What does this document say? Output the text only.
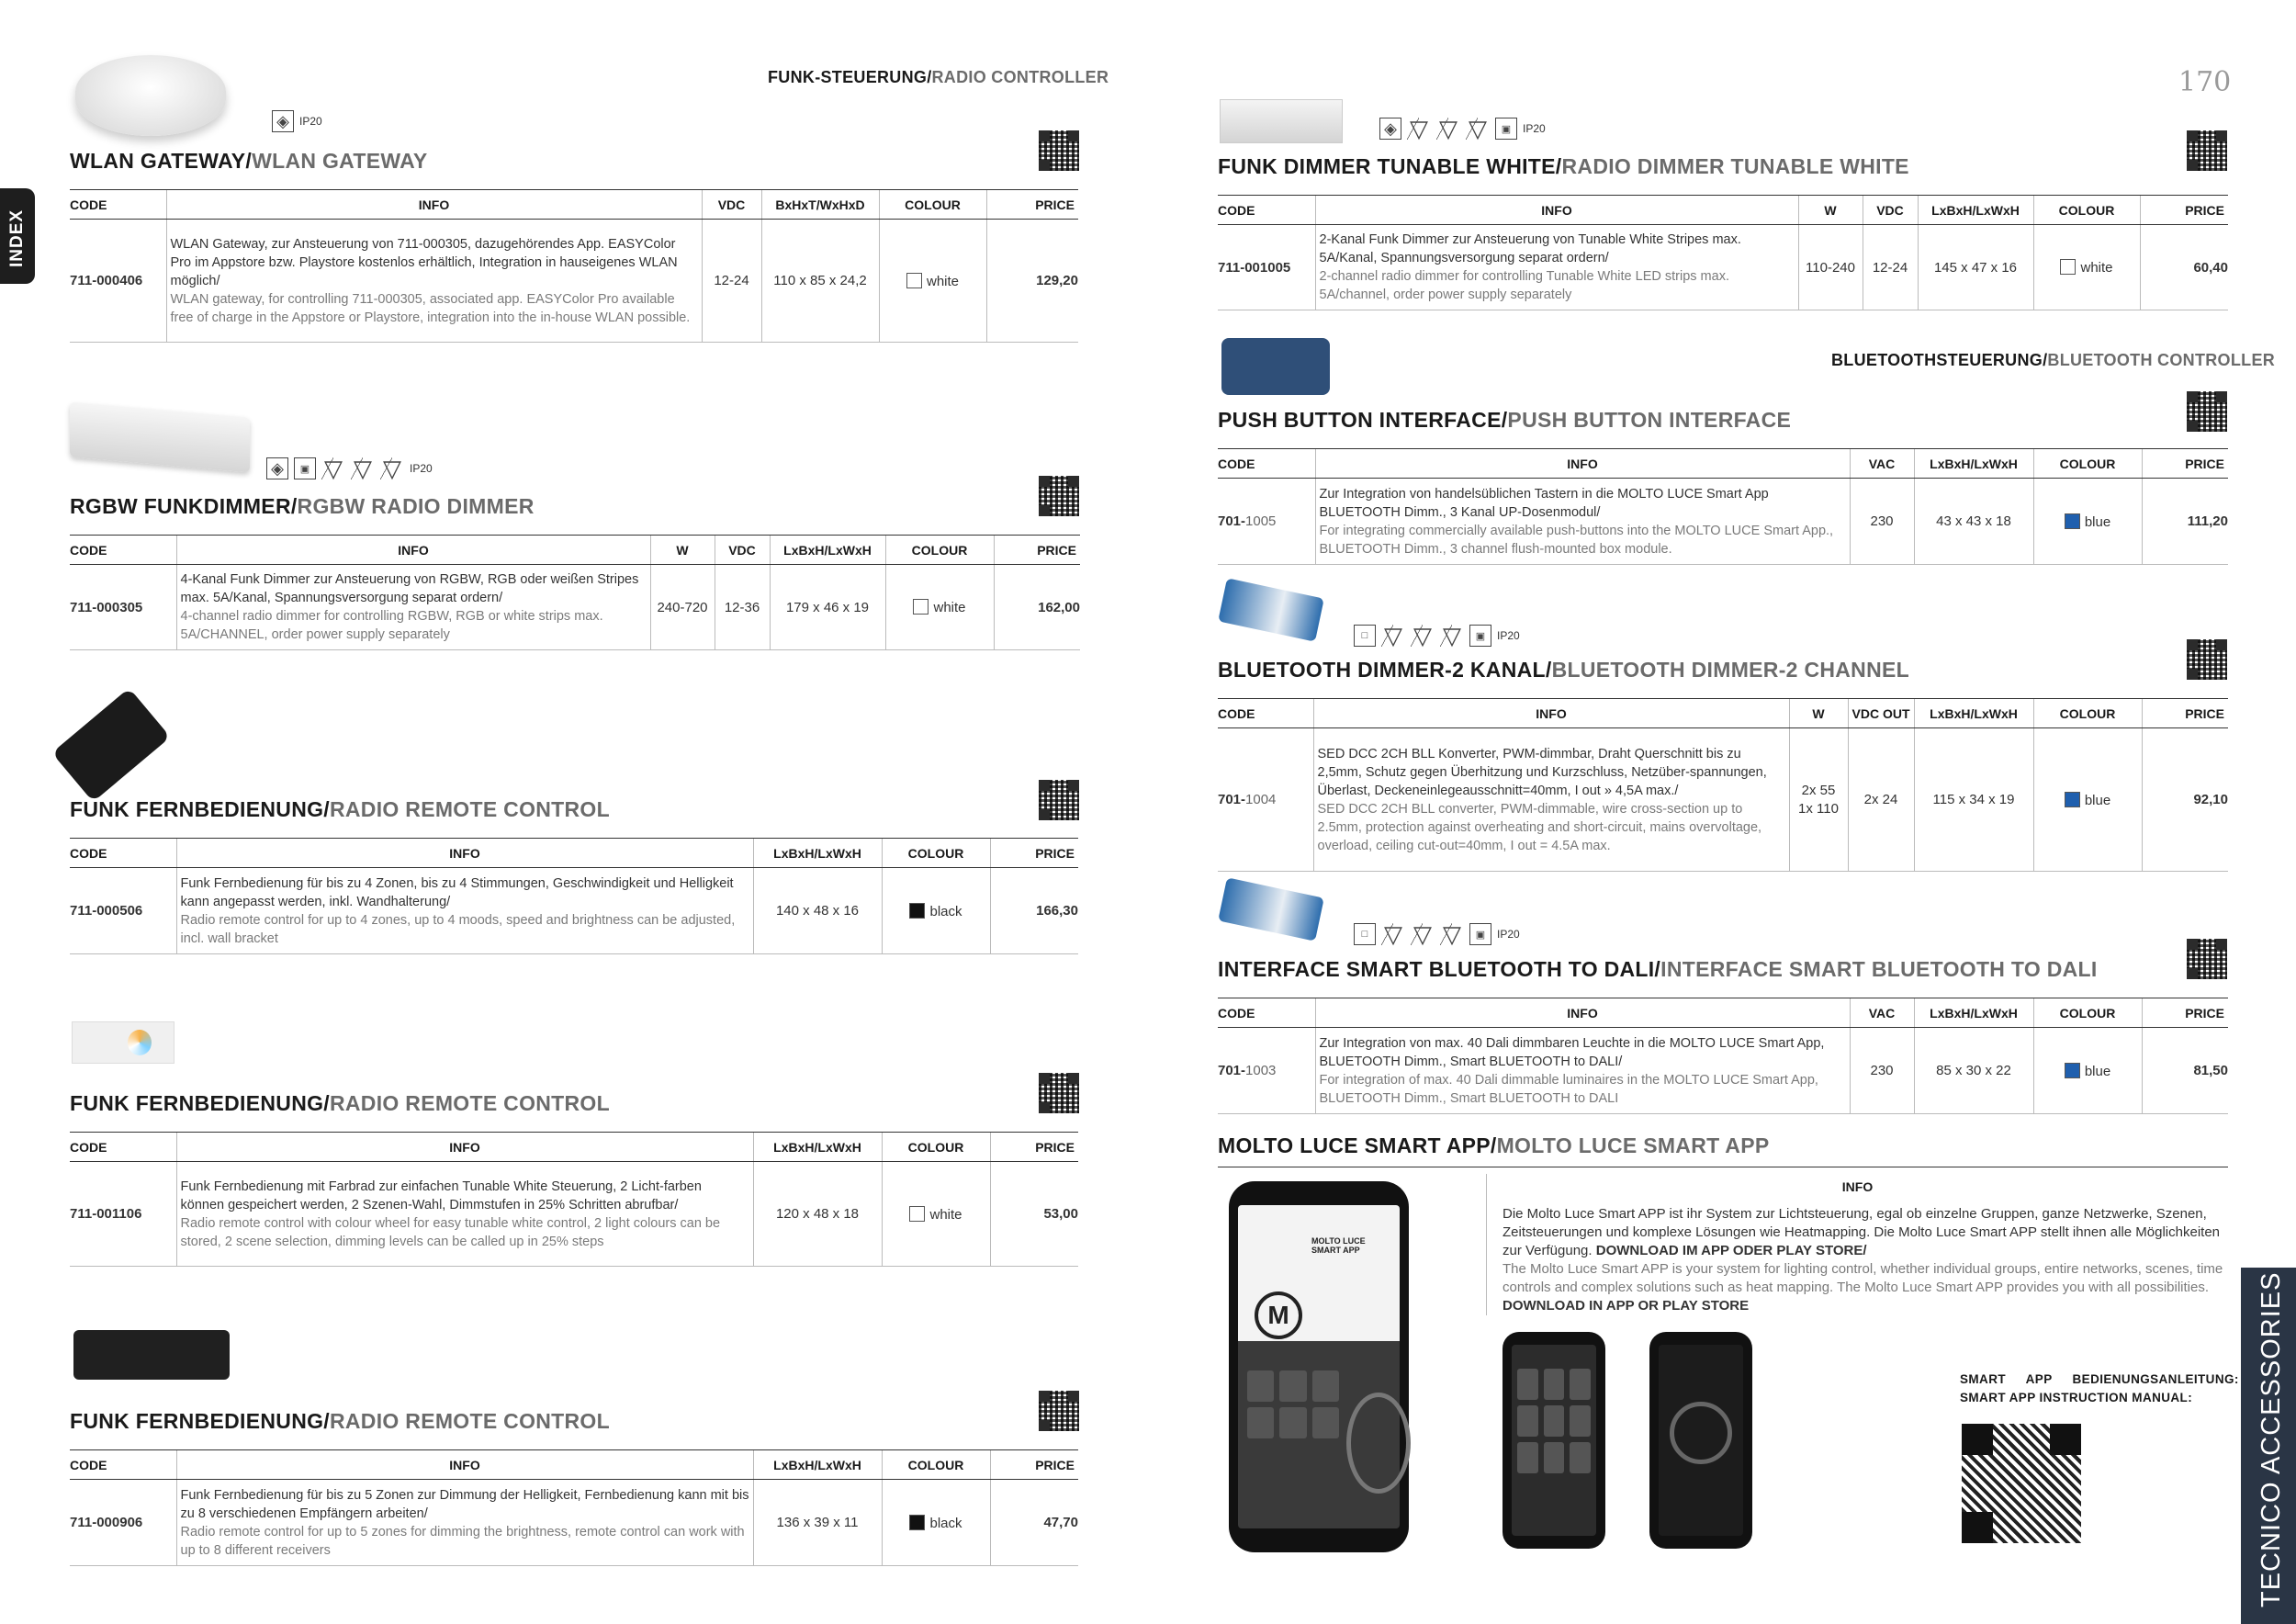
INDEX
TECNICO ACCESSORIES
170
FUNK-STEUERUNG/RADIO CONTROLLER
◈
IP20
WLAN GATEWAY/WLAN GATEWAY
CODE	INFO	VDC	BxHxT/WxHxD	COLOUR	PRICE
711-000406	WLAN Gateway, zur Ansteuerung von 711-000305, dazugehörendes App. EASYColor Pro im Appstore bzw. Playstore kostenlos erhältlich, Integration in hauseigenes WLAN möglich/
WLAN gateway, for controlling 711-000305, associated app. EASYColor Pro available free of charge in the Appstore or Playstore, integration into the in-house WLAN possible.	12-24	110 x 85 x 24,2	white	129,20
◈
▣ ▽ ▽ ▽	IP20
RGBW FUNKDIMMER/RGBW RADIO DIMMER
CODE	INFO	W	VDC	LxBxH/LxWxH	COLOUR	PRICE
711-000305	4-Kanal Funk Dimmer zur Ansteuerung von RGBW, RGB oder weißen Stripes max. 5A/Kanal, Spannungsversorgung separat ordern/
4-channel radio dimmer for controlling RGBW, RGB or white strips max. 5A/CHANNEL, order power supply separately	240-720	12-36	179 x 46 x 19	white	162,00
FUNK FERNBEDIENUNG/RADIO REMOTE CONTROL
CODE	INFO	LxBxH/LxWxH	COLOUR	PRICE
711-000506	Funk Fernbedienung für bis zu 4 Zonen, bis zu 4 Stimmungen, Geschwindigkeit und Helligkeit kann angepasst werden, inkl. Wandhalterung/
Radio remote control for up to 4 zones, up to 4 moods, speed and brightness can be adjusted, incl. wall bracket	140 x 48 x 16	black	166,30
FUNK FERNBEDIENUNG/RADIO REMOTE CONTROL
CODE	INFO	LxBxH/LxWxH	COLOUR	PRICE
711-001106	Funk Fernbedienung mit Farbrad zur einfachen Tunable White Steuerung, 2 Licht-farben können gespeichert werden, 2 Szenen-Wahl, Dimmstufen in 25% Schritten abrufbar/
Radio remote control with colour wheel for easy tunable white control, 2 light colours can be stored, 2 scene selection, dimming levels can be called up in 25% steps	120 x 48 x 18	white	53,00
FUNK FERNBEDIENUNG/RADIO REMOTE CONTROL
CODE	INFO	LxBxH/LxWxH	COLOUR	PRICE
711-000906	Funk Fernbedienung für bis zu 5 Zonen zur Dimmung der Helligkeit, Fernbedienung kann mit bis zu 8 verschiedenen Empfängern arbeiten/
Radio remote control for up to 5 zones for dimming the brightness, remote control can work with up to 8 different receivers	136 x 39 x 11	black	47,70
◈
▽
▽
▽
▣	IP20
FUNK DIMMER TUNABLE WHITE/RADIO DIMMER TUNABLE WHITE
CODE	INFO	W	VDC	LxBxH/LxWxH	COLOUR	PRICE
711-001005	2-Kanal Funk Dimmer zur Ansteuerung von Tunable White Stripes max. 5A/Kanal, Spannungsversorgung separat ordern/
2-channel radio dimmer for controlling Tunable White LED strips max. 5A/channel, order power supply separately	110-240	12-24	145 x 47 x 16	white	60,40
BLUETOOTHSTEUERUNG/BLUETOOTH CONTROLLER
PUSH BUTTON INTERFACE/PUSH BUTTON INTERFACE
CODE	INFO	VAC	LxBxH/LxWxH	COLOUR	PRICE
701-1005	Zur Integration von handelsüblichen Tastern in die MOLTO LUCE Smart App BLUETOOTH Dimm., 3 Kanal UP-Dosenmodul/
For integrating commercially available push-buttons into the MOLTO LUCE Smart App., BLUETOOTH Dimm., 3 channel flush-mounted box module.	230	43 x 43 x 18	blue	111,20
□ ▽ ▽ ▽	▣	IP20
BLUETOOTH DIMMER-2 KANAL/BLUETOOTH DIMMER-2 CHANNEL
CODE	INFO	W	VDC OUT	LxBxH/LxWxH	COLOUR	PRICE
701-1004	SED DCC 2CH BLL Konverter, PWM-dimmbar, Draht Querschnitt bis zu 2,5mm, Schutz gegen Überhitzung und Kurzschluss, Netzüber-spannungen, Überlast, Deckeneinlegeausschnitt=40mm, I out » 4,5A max./
SED DCC 2CH BLL converter, PWM-dimmable, wire cross-section up to 2.5mm, protection against overheating and short-circuit, mains overvoltage, overload, ceiling cut-out=40mm, I out = 4.5A max.	2x 55 1x 110	2x 24	115 x 34 x 19	blue	92,10
□ ▽ ▽ ▽	▣	IP20
INTERFACE SMART BLUETOOTH TO DALI/INTERFACE SMART BLUETOOTH TO DALI
CODE	INFO	VAC	LxBxH/LxWxH	COLOUR	PRICE
701-1003	Zur Integration von max. 40 Dali dimmbaren Leuchte in die MOLTO LUCE Smart App, BLUETOOTH Dimm., Smart BLUETOOTH to DALI/
For integration of max. 40 Dali dimmable luminaires in the MOLTO LUCE Smart App, BLUETOOTH Dimm., Smart BLUETOOTH to DALI	230	85 x 30 x 22	blue	81,50
MOLTO LUCE SMART APP/MOLTO LUCE SMART APP
INFO
Die Molto Luce Smart APP ist ihr System zur Lichtsteuerung, egal ob einzelne Gruppen, ganze Netzwerke, Szenen, Zeitsteuerungen und komplexe Lösungen wie Heatmapping. Die Molto Luce Smart APP stellt ihnen alle Möglichkeiten zur Verfügung. DOWNLOAD IM APP ODER PLAY STORE/
The Molto Luce Smart APP is your system for lighting control, whether individual groups, entire networks, scenes, time controls and complex solutions such as heat mapping. The Molto Luce Smart APP provides you with all possibilities. DOWNLOAD IN APP OR PLAY STORE
M
MOLTO LUCE SMART APP
SMART APP BEDIENUNGSANLEITUNG:
SMART APP INSTRUCTION MANUAL:
